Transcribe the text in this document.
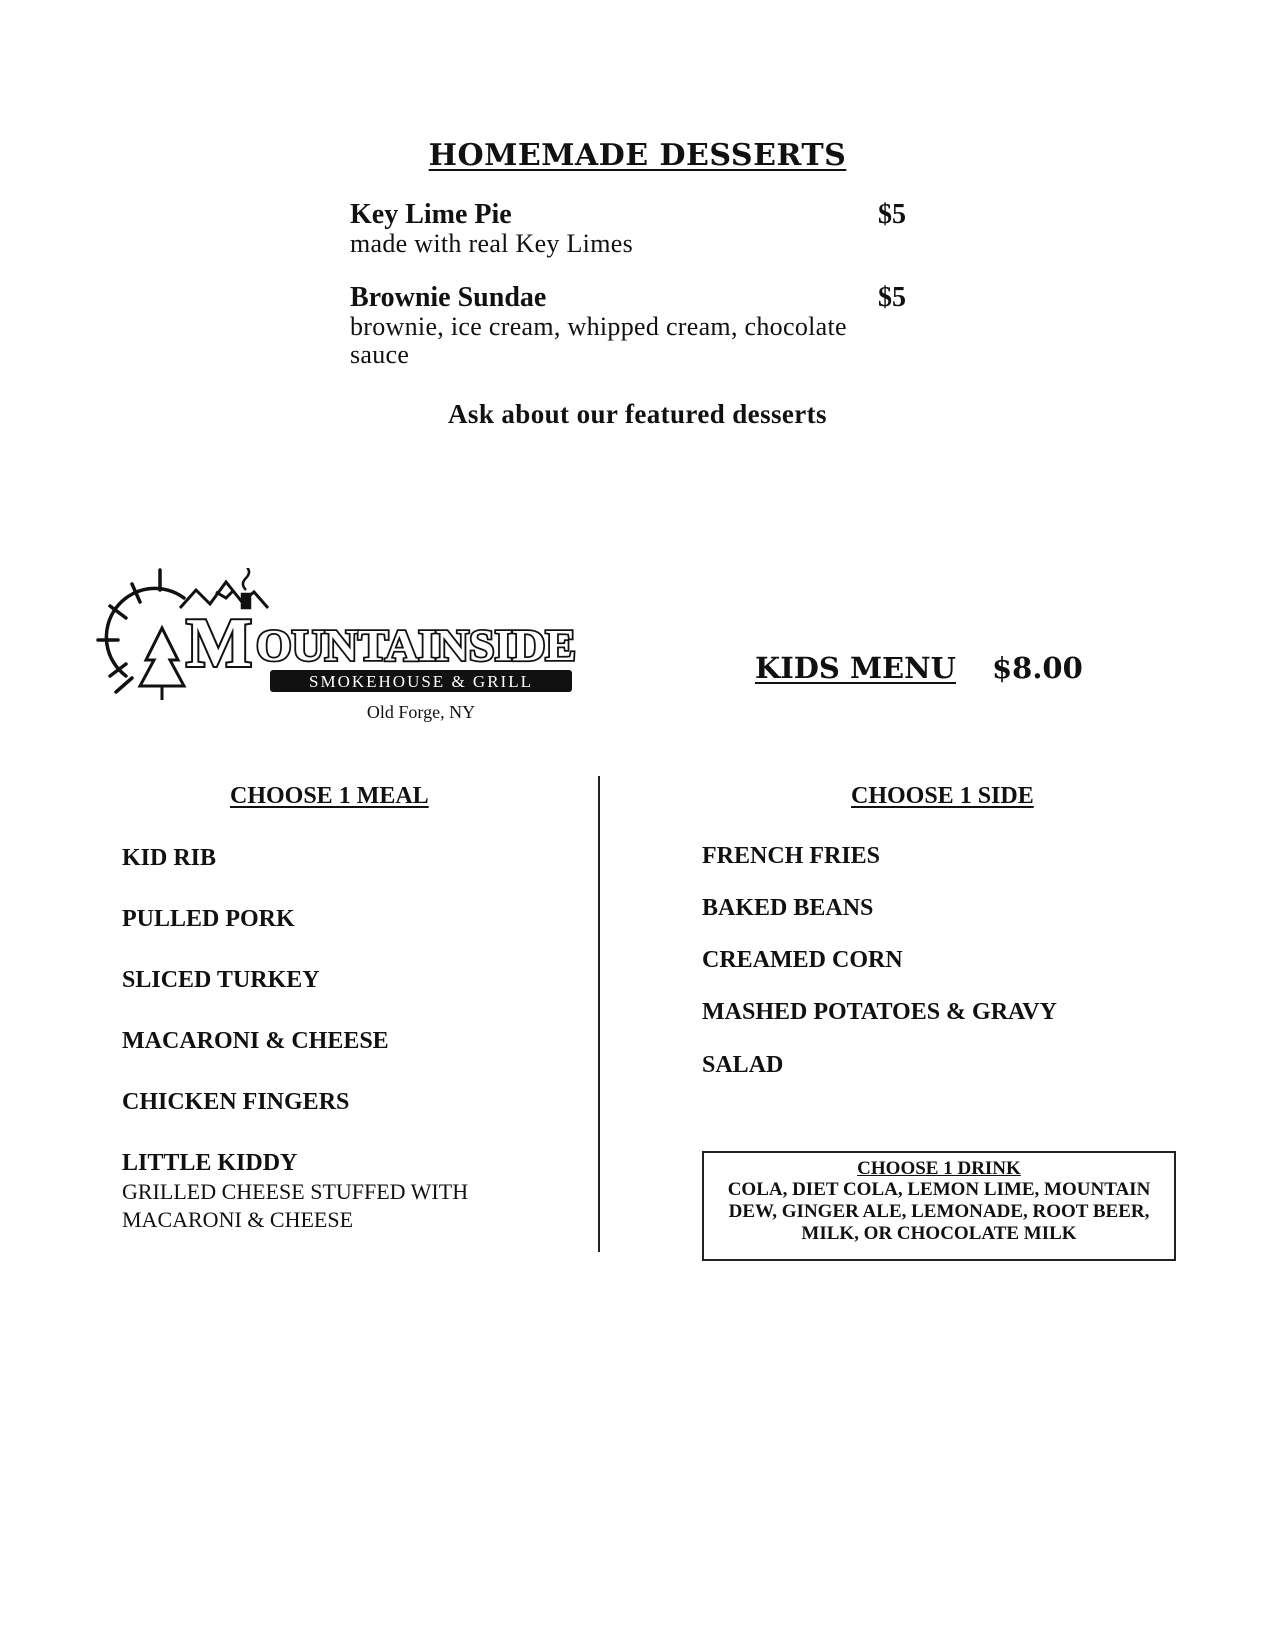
HOMEMADE DESSERTS
Key Lime Pie	$5
made with real Key Limes
Brownie Sundae	$5
brownie, ice cream, whipped cream, chocolate sauce
Ask about our featured desserts
M OUNTAINSIDE
SMOKEHOUSE & GRILL
Old Forge, NY
KIDS MENU $8.00
CHOOSE 1 MEAL	CHOOSE 1 SIDE
KID RIB
PULLED PORK
SLICED TURKEY
MACARONI & CHEESE
CHICKEN FINGERS
LITTLE KIDDY
GRILLED CHEESE STUFFED WITH MACARONI & CHEESE
FRENCH FRIES
BAKED BEANS
CREAMED CORN
MASHED POTATOES & GRAVY
SALAD
CHOOSE 1 DRINK
COLA, DIET COLA, LEMON LIME, MOUNTAIN DEW, GINGER ALE, LEMONADE, ROOT BEER, MILK, OR CHOCOLATE MILK
